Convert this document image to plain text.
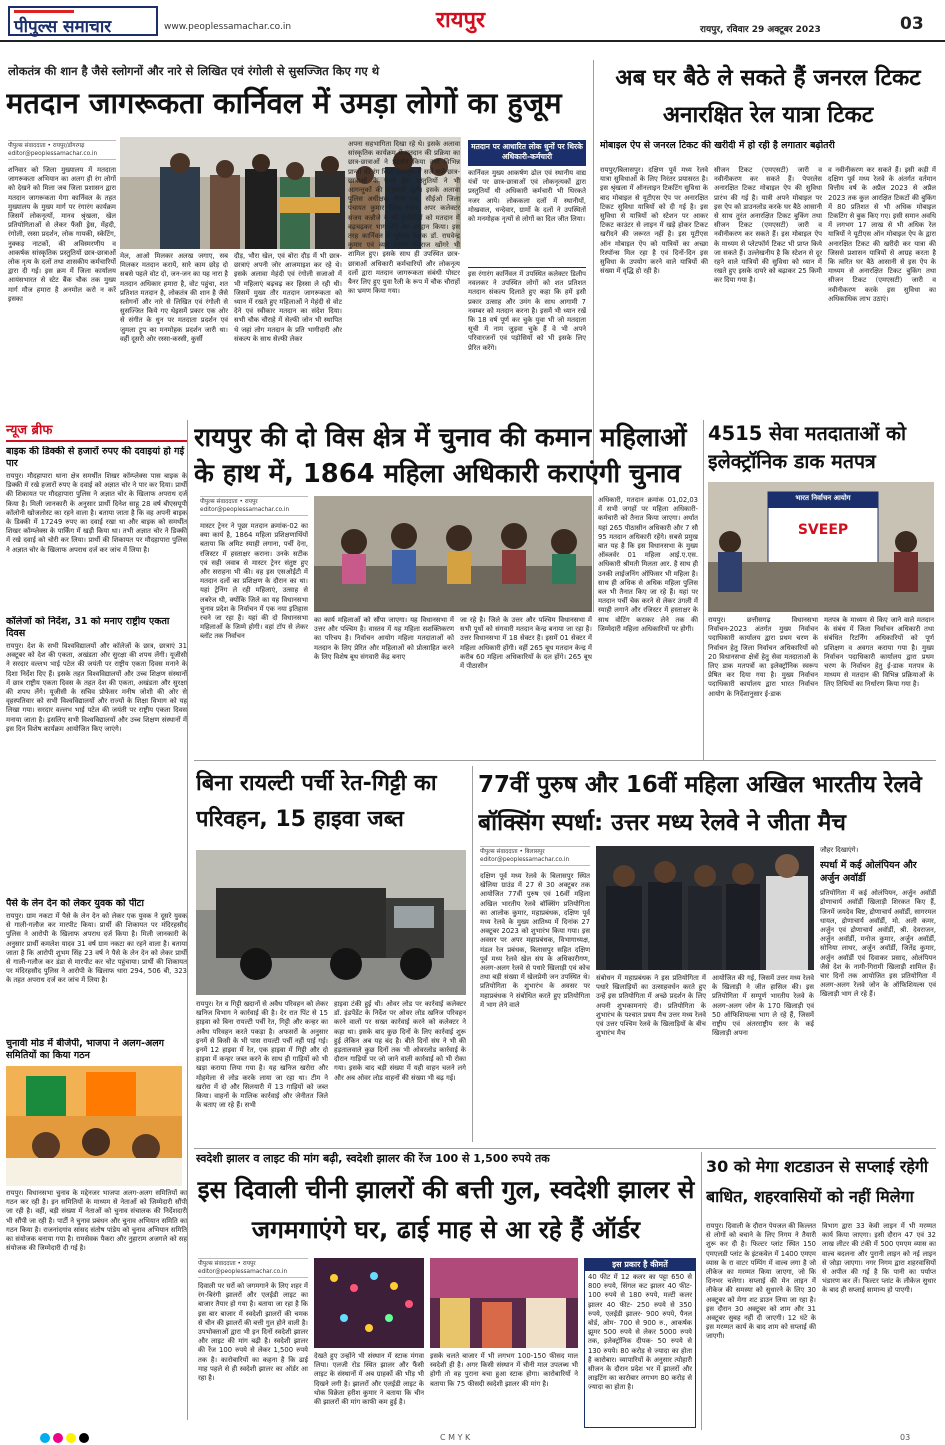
पीपुल्स समाचार	www.peoplessamachar.co.in	रायपुर	रायपुर, रविवार 29 अक्टूबर 2023	03
लोकतंत्र की शान है जैसे स्लोगनों और नारे से लिखित एवं रंगोली से सुसज्जित किए गए थे
मतदान जागरूकता कार्निवल में उमड़ा लोगों का हुजूम
पीपुल्स संवाददाता • रायपुर/डोंगरगढ़
editor@peoplessamachar.co.in
शनिवार को जिला मुख्यालय में मतदाता जागरूकता अभियान का अलग ही रंग लोगों को देखने को मिला जब जिला प्रशासन द्वारा मतदान जागरूकता मेगा कार्निवल के तहत मुख्यालय के मुख्य मार्ग पर रंगारंग कार्यक्रम जिसमें लोकनृत्यों, मानव श्रृंखला, खेल प्रतियोगिताओं से लेकर फैंसी ड्रेस, मेंहदी, रंगोली, रस्सा प्रदर्शन, लोक गायकी, स्केटिंग, नुक्कड़ नाटकों, की अविस्मरणीय व आकर्षक सांस्कृतिक प्रस्तुतियों छात्र-छात्राओं लोक नृत्य के दलों तथा शासकीय कर्मचारियों द्वारा दी गई। इस क्रम में जिला कार्यालय आयंसभारत से स्टेट बैंक चौक तक मुख्य मार्ग मौज हमारा है अनमोल करो न करें इसका
मेल, आओ मिलकर अलख जगाए, सब मिलकर मतदान करायें, सारे काम छोड़ दो सबसे पहले वोट दो, जन-जन का यह नारा है मतदान अधिकार हमारा है, वोट पहुंचा, शत प्रतिशत मतदान है, लोकतंत्र की शान है जैसे स्लोगनों और नारे से लिखित एवं रंगोली से सुसज्जित किये गए थेइसमें प्रकार एक ओर से संगीत के धुन पर मतदाता प्रदर्शन एवं जुमला ट्रूप का मनमोहक प्रदर्शन जारी था। वहीं दूसरी ओर रस्सा-कस्सी, कुर्सी
दौड़, भौरा खेल, एवं बोरा दौड़ में भी छात्र-छात्राएं अपनी जोर आजमाइश कर रहे थे। इसके अलावा मेहंदी एवं रंगोली सजाओ में भी महिलाएं बढ़चढ़ कर हिस्सा ले रही थी। जिसमें मुख्य तौर मतदान जागरूकता को ध्यान में रखते हुए महिलाओं ने मेहंदी से वोट देने एवं स्वीकार मतदान का संदेश दिया। सभी चौक चौराहे में सेल्फी जोन भी स्थापित थे जहां लोग मतदान के प्रति भागीदारी और संकल्प के साथ सेल्फी लेकर
अपना सहभागिता दिखा रहे थे। इसके अलावा सांस्कृतिक कार्यक्रम में मतदान की प्रक्रिया का छात्र-छात्राओं ने प्रदर्शन किया तथा विभिन्न प्रान्तों की रंग बिरंगे वेशभूषा में सजे धजे छात्र-छात्राओं के फैंसी ड्रेस प्रस्तुतियों ने भी आगन्तुकों की वाहवाही लूटी। इसके अलावा पुलिस अधीक्षक गौरव राय, सीईओ जिला पंचायत कुमार विश्व रंजन, अपर कलेक्टर संजय कन्नौजे ने भी उपस्थितों को मतदान में बढ़चढ़कर भाग लेने का आह्वान किया। इस तरह कार्निवल में पुलिस प्रेक्षक डॉ. राघवेन्द्र कुमार एवं व्यय प्रेक्षक रविराज खोंगरे भी शामिल हुए। इसके साथ ही उपस्थित छात्र-छात्राओं अधिकारी कर्मचारियों और लोकनृत्य दलों द्वारा मतदान जागरूकता संबंधी पोस्टर बैनर लिए हुए युवा रैली के रूप में चौक चौराहों का भ्रमण किया गया।
मतदान पर आधारित लोक धुनों पर थिरके अधिकारी-कर्मचारी
कार्निवल मुख्य आकर्षण ढोल एवं स्थानीय वाद्य यंत्रों पर छात्र-छात्राओं एवं लोकनृत्यकों द्वारा प्रस्तुतियाँ थी अधिकारी कर्मचारी भी थिरकते नजर आये। लोककला दलों में स्थानीयों, मोखवाल, धन्देवार, ग्रामों के दलों ने उपस्थितों को मनमोहक नृत्यों से लोगों का दिल जीत लिया।
इस रंगारंग कार्निवल में उपस्थित कलेक्टर डिलीप नवलकर ने उपस्थित लोगों को शत प्रतिशत मतदान संकल्प दिलाते हुए कहा कि हमें इसी प्रकार उत्साह और उमंग के साथ आगामी 7 नवम्बर को मतदान करना है। इसमें भी ध्यान रखें कि 18 वर्ष पूर्ण कर चुके युवा भी जो मतदाता सूची में नाम जुड़वा चुके हैं वे भी अपने परिवारजनों एवं पड़ोसियों को भी इसके लिए प्रेरित करेंगे।
अब घर बैठे ले सकते हैं जनरल टिकट अनारक्षित रेल यात्रा टिकट
मोबाइल ऐप से जनरल टिकट की खरीदी में हो रही है लगातार बढ़ोतरी
रायपुर/बिलासपुर। दक्षिण पूर्व मध्य रेलवे यात्रा सुविधाओं के लिए निरंतर प्रयासरत है। इस श्रृंखला में ऑनलाइन टिकटिंग सुविधा के बाद मोबाइल से यूटीएस ऐप पर अनारक्षित टिकट सुविधा यात्रियों को दी गई है। इस सुविधा से यात्रियों को स्टेशन पर आकर टिकट काउंटर से लाइन में खड़े होकर टिकट खरीदने की जरूरत नहीं है। इस यूटीएस ऑन मोबाइल ऐप को यात्रियों का अच्छा रिस्पॉन्स मिल रहा है एवं दिनों-दिन इस सुविधा के उपयोग करने वाले यात्रियों की संख्या में वृद्धि हो रही है।
सीजन टिकट (एमएसटी) जारी व नवीनीकरण कर सकते हैं। पेपरलेस अनारक्षित टिकट मोबाइल ऐप की सुविधा प्रारंभ की गई है। यात्री अपने मोबाइल पर इस ऐप को डाउनलोड करके घर बैठे आसानी से साथ तुरंत अनारक्षित टिकट बुकिंग तथा सीजन टिकट (एमएसटी) जारी व नवीनीकरण कर सकते हैं। इस मोबाइल ऐप के माध्यम से प्लेटफॉर्म टिकट भी प्राप्त किये जा सकते हैं। उल्लेखनीय है कि स्टेशन से दूर रहने वाले यात्रियों की सुविधा को ध्यान में रखते हुए इसके दायरे को बढ़ाकर 25 किमी कर दिया गया है।
व नवीनीकरण कर सकते हैं। इसी कड़ी में दक्षिण पूर्व मध्य रेलवे के अंतर्गत वर्तमान वित्तीय वर्ष के अप्रैल 2023 से अप्रैल 2023 तक कुल आरक्षित टिकटों की बुकिंग में 80 प्रतिशत से भी अधिक मोबाइल टिकटिंग से बुक किए गए। इसी समान अवधि में लगभग 17 लाख से भी अधिक रेल यात्रियों ने यूटीएस ऑन मोबाइल ऐप के द्वारा अनारक्षित टिकट की खरीदी कर यात्रा की जिससे प्रशासन यात्रियों से आग्रह करता है कि त्वरित घर बैठे आसानी से इस ऐप के माध्यम से अनारक्षित टिकट बुकिंग तथा सीजन टिकट (एमएसटी) जारी व नवीनीकरण करके इस सुविधा का अधिकाधिक लाभ उठाएं।
न्यूज ब्रीफ
बाइक की डिक्की से हजारों रुपए की दवाइयां हो गई पार
रायपुर। मौदहापारा थाना क्षेत्र समर्थीत शिखर कॉम्प्लेक्स पास बाइक के डिक्की में रखे हजारों रुपए के दवाई को अज्ञात चोर ने पार कर दिया। प्रार्थी की शिकायत पर मौदहापारा पुलिस ने अज्ञात चोर के खिलाफ अपराध दर्ज किया है। मिली जानकारी के अनुसार प्रार्थी दिनेश साहू 28 वर्ष बीएसयूपी कॉलोनी खोजलोस्ट का रहने वाला है। बताया जाता है कि वह अपनी बाइक के डिक्की में 17249 रुपए का दवाई रखा था और बाइक को समर्थीत शिखर कॉम्प्लेक्स के पार्किंग में खड़ी किया था। तभी अज्ञात चोर ने डिक्की में रखे दवाई को चोरी कर लिया। प्रार्थी की शिकायत पर मौदहापारा पुलिस ने अज्ञात चोर के खिलाफ अपराध दर्ज कर जांच में लिया है।
कॉलेजों को निर्देश, 31 को मनाए राष्ट्रीय एकता दिवस
रायपुर। देश के सभी विश्वविद्यालयों और कॉलेजों के छात्र, छात्राएं 31 अक्टूबर को देश की एकता, अखंडता और सुरक्षा की शपथ लेंगी। यूजीसी ने सरदार वल्लभ भाई पटेल की जयंती पर राष्ट्रीय एकता दिवस मनाने के दिशा निर्देश दिए हैं। इसके तहत विश्वविद्यालयों और उच्च शिक्षण संस्थानों में छात्र राष्ट्रीय एकता दिवस के तहत देश की एकता, अखंडता और सुरक्षा की शपथ लेंगे। यूजीसी के सचिव प्रोफेसर मनीष जोशी की ओर से वृहस्पतिवार को सभी विश्वविद्यालयों और राज्यों के शिक्षा विभाग को यह लिखा गया। सरदार वल्लभ भाई पटेल की जयंती पर राष्ट्रीय एकता दिवस मनाया जाता है। इसलिए सभी विश्वविद्यालयों और उच्च शिक्षण संस्थानों में इस दिन विशेष कार्यक्रम आयोजित किए जाएंगे।
पैसे के लेन देन को लेकर युवक को पीटा
रायपुर। ग्राम नकटा में पैसे के लेन देन को लेकर एक युवक ने दूसरे युवक से गाली-गलौज कर मारपीट किया। प्रार्थी की शिकायत पर मंदिरहसौद पुलिस ने आरोपी के खिलाफ अपराध दर्ज किया है। मिली जानकारी के अनुसार प्रार्थी कमलेश यादव 31 वर्ष ग्राम नकटा का रहने वाला है। बताया जाता है कि आरोपी शुभम सिंह 23 वर्ष ने पैसे के लेन देन को लेकर प्रार्थी से गाली-गलौज कर डंडा से मारपीट कर चोट पहुंचाया। प्रार्थी की शिकायत पर मंदिरहसौद पुलिस ने आरोपी के खिलाफ धारा 294, 506 बी, 323 के तहत अपराध दर्ज कर जांच में लिया है।
चुनावी मोड में बीजेपी, भाजपा ने अलग-अलग समितियों का किया गठन
रायपुर। विधानसभा चुनाव के मद्देनजर भाजपा अलग-अलग समितियों का गठन कर रही है। इन समितियों के माध्यम से नेताओं को जिम्मेदारी सौंपी जा रही है। वहीं, बड़ी संख्या में नेताओं को चुनाव संचालक की निर्देशदारी भी सौंपी जा रही है। पार्टी ने चुनाव प्रबंधन और चुनाव अभियान समिति का गठन किया है। राजनांदगांव सांसद संतोष पांडेय को चुनाव अभियान समिति का संयोजक बनाया गया है। रामसेवक पैकरा और नुहाराम अजगले को सह संयोजक की जिम्मेदारी दी गई है।
रायपुर की दो विस क्षेत्र में चुनाव की कमान महिलाओं के हाथ में, 1864 महिला अधिकारी कराएंगी चुनाव
पीपुल्स संवाददाता • रायपुर
editor@peoplessamachar.co.in
मास्टर ट्रेनर ने पूछा मतदान क्रमांक-02 का क्या कार्य है, 1864 महिला प्रशिक्षणार्थियों बताया कि अमिट स्याही लगाना, पर्ची देना, रजिस्टर में हस्ताक्षर कराना। उनके सटीक एवं सही जवाब से मास्टर ट्रेनर संतुष्ट हुए और सराहना भी की। वह इस एसओईटी में मतदान दलों का प्रशिक्षण के दौरान का था। यहां ट्रेनिंग ले रही महिलाएं, उत्साह से लबरेज थी, क्योंकि जिले का यह विधानसभा चुनाव प्रदेश के निर्वाचन में एक नया इतिहास रचने जा रहा है। यहां की दो विधानसभा महिलाओं के जिम्मे होगी। वहां टॉप से लेकर ब्लॉट तक निर्वाचन
का कार्य महिलाओं को सौंपा जाएगा। यह विधानसभा में उत्तर और पश्चिम है। वास्तव में यह महिला सशक्तिकरण का परिचय है। निर्वाचन आयोग महिला मतदाताओं को मतदान के लिए प्रेरित और महिलाओं को प्रोत्साहित करने के लिए विशेष बूथ संगवारी केंद्र बनाए
जा रहे है। जिले के उत्तर और पश्चिम विधानसभा में सभी पूथों को संगवारी मतदान केन्द्र बनाया जा रहा है। उत्तर विधानसभा में 18 सेक्टर है। इसमें 01 सेक्टर में महिला अधिकारी होंगी। वहीं 265 बूथ मतदान केन्द्र में करीब 60 महिला अधिकारियों के दल होंगे। 265 बूथ में पीठासीन
अधिकारी, मतदान क्रमांक 01,02,03 में सभी जगहों पर महिला अधिकारी-कर्मचारी को तैनात किया जाएगा। अर्थात यहां 265 पीठासीन अधिकारी और 7 सौ 95 मतदान अधिकारी रहेंगे। सबसे प्रमुख बात यह है कि इस विधानसभा के मुख्य ऑब्जर्वर 01 महिला आई.ए.एस. अधिकारी श्रीमती मिलता आर. है साथ ही उनकी लाईजनिंग ऑफिसर भी महिला है। साथ ही अधिक से अधिक महिला पुलिस बल भी तैनात किए जा रहे हैं। यहां पर मतदान पर्ची चेक करने से लेकर उंगली में स्याही लगाने और रजिस्टर में हस्ताक्षर के साथ वोटिंग कराकर लेने तक की जिम्मेदारी महिला अधिकारियों पर होगी।
4515 सेवा मतदाताओं को इलेक्ट्रॉनिक डाक मतपत्र
भारत निर्वाचन आयोग
SVEEP
रायपुर। छत्तीसगढ़ विधानसभा निर्वाचन-2023 अंतर्गत मुख्य निर्वाचन पदाधिकारी कार्यालय द्वारा प्रथम चरण के निर्वाचन हेतु जिला निर्वाचन अधिकारियों को 20 विधानसभा क्षेत्रों हेतु सेवा मतदाताओं के लिए डाक मतपत्रों का इलेक्ट्रॉनिक स्वरूप प्रेषित कर दिया गया है। मुख्य निर्वाचन पदाधिकारी कार्यालय द्वारा भारत निर्वाचन आयोग के निर्देशानुसार ई-डाक
मतपत्र के माध्यम से किए जाने वाले मतदान के संबंध में जिला निर्वाचन अधिकारी तथा संबंधित रिटर्निंग अधिकारियों को पूर्ण प्रशिक्षण व अवगत कराया गया है। मुख्य निर्वाचन पदाधिकारी कार्यालय द्वारा प्रथम चरण के निर्वाचन हेतु ई-डाक मतपत्र के माध्यम से मतदान की विभिन्न प्रक्रियाओं के लिए तिथियों का निर्धारण किया गया है।
बिना रायल्टी पर्ची रेत-गिट्टी का परिवहन, 15 हाइवा जब्त
रायपुर। रेत व गिट्टी खदानों से अवैध परिवहन को लेकर खनिज विभाग ने कार्रवाई की है। देर रात पिंट से 15 हाइवा को बिना रायल्टी पर्ची रेत, गिट्टी और कन्हर का अवैध परिवहन करते पकड़ा है। अफसरों के अनुसार इनमें से किसी के भी पास रायल्टी पर्ची नहीं पाई गई। इनमें 12 हाइवा में रेत, एक हाइवा में गिट्टी और दो हाइवा में कन्हर जब्त करने के साथ ही गाड़ियों को भी खड़ा कराया लिया गया है। यह खनिज खरोरा और मोहमेला से लोड करके लाया जा रहा था। टीम ने खरोरा में दो और सिलयारी में 13 गाड़ियों को जब्त किया। वाहनों के मालिक कार्रवाई और जेनीतत जिले के बताए जा रहे हैं। सभी
हाइवा टंकी हुई थी। ओवर लोड पर कार्रवाई कलेक्टर डॉ. इंडपेंडेंट के निर्देश पर ओवर लोड खनिज परिवहन करने वालों पर सख्त कार्रवाई करने को कलेक्टर ने कहा था। इसके बाद कुछ दिनों के लिए कार्रवाई शुरू हुई लेकिन अब यह बंद है। बीते दिनों संघ ने भी की हड़तालवाले कुछ दिनों तक भी ओवरलोड कार्रवाई के दौरान गाड़ियों पर जो जाने वाली कार्रवाई को भी रोका गया। इसके बाद बड़ी संख्या में यही वाहन चलने लगे और अब ओवर लोड वाहनों की संख्या भी बढ़ गई।
77वीं पुरुष और 16वीं महिला अखिल भारतीय रेलवे बॉक्सिंग स्पर्धा: उत्तर मध्य रेलवे ने जीता मैच
पीपुल्स संवाददाता • बिलासपुर
editor@peoplessamachar.co.in
दक्षिण पूर्व मध्य रेलवे के बिलासपुर स्थित खेलिया ग्राउंड में 27 से 30 अक्टूबर तक आयोजित 77वीं पुरुष एवं 16वीं महिला अखिल भारतीय रेलवे बॉक्सिंग प्रतियोगिता का आलोक कुमार, महाप्रबंधक, दक्षिण पूर्व मध्य रेलवे के मुख्य आतिथ्य में दिनांक 27 अक्टूबर 2023 को शुभारंभ किया गया। इस अवसर पर अपर महाप्रबंधक, विभागाध्यक्ष, मंडल रेल प्रबंधक, बिलासपुर सहित दक्षिण पूर्व मध्य रेलवे खेल संघ के अधिकारीगण, अलग-अलग रेलवे से पधारे खिलाड़ी एवं कोच तथा बड़ी संख्या में खेलप्रेमी जन उपस्थित थे। प्रतियोगिता के शुभारंभ के अवसर पर महाप्रबंधक ने संबोधित करते हुए प्रतियोगिता में भाग लेने वाले
संबोधन में महाप्रबंधक ने इस प्रतियोगिता में पधारे खिलाड़ियों का उत्साहवर्धन करते हुए उन्हें इस प्रतियोगिता में अच्छे प्रदर्शन के लिए अपनी शुभकामनाएं दी। प्रतियोगिता के शुभारंभ के पश्चात प्रथम मैच उत्तर मध्य रेलवे एवं उत्तर पश्चिम रेलवे के खिलाड़ियों के बीच शुभारंभ मैच
आयोजित की गई, जिसमें उत्तर मध्य रेलवे के खिलाड़ी ने जीत हासिल की। इस प्रतियोगिता में सम्पूर्ण भारतीय रेलवे के अलग-अलग जोन के 170 खिलाड़ी एवं 50 ऑफिशियल्स भाग ले रहे हैं, जिसमें राष्ट्रीय एवं अंतरराष्ट्रीय स्तर के कई खिलाड़ी अपना
जौहर दिखाएंगे।
स्पर्धा में कई ओलंपियन और अर्जुन अवॉर्डी
प्रतियोगिता में कई ओलंपियन, अर्जुन अवॉर्डी द्रोणाचार्य अवॉर्डी खिलाड़ी शिरकत किए हैं, जिनमें जयदेव बिष्ट, द्रोणाचार्य अवॉर्डी, सागरमल धायल, द्रोणाचार्य अवॉर्डी, मो. अली कमर, अर्जुन एवं द्रोणाचार्य अवॉर्डी, श्री. देवराजन, अर्जुन अवॉर्डी, मनोज कुमार, अर्जुन अवॉर्डी, सोनिया लाथर, अर्जुन अवॉर्डी, जितेंद्र कुमार, अर्जुन अवॉर्डी एवं दिवाकर प्रसाद, ओलंपियन जैसे देश के नामी-गिरामी खिलाड़ी शामिल हैं। चार दिनों तक आयोजित इस प्रतियोगिता में अलग-अलग रेलवे जोन के ऑफिशियल्स एवं खिलाड़ी भाग ले रहे हैं।
स्वदेशी झालर व लाइट की मांग बढ़ी, स्वदेशी झालर की रेंज 100 से 1,500 रुपये तक
इस दिवाली चीनी झालरों की बत्ती गुल, स्वदेशी झालर से जगमगाएंगे घर, ढाई माह से आ रहे हैं ऑर्डर
पीपुल्स संवाददाता • रायपुर
editor@peoplessamachar.co.in
दिवाली पर घरों को जगमगाने के लिए शहर में रंग-बिरंगी झालरों और एलईडी लाइट का बाजार तैयार हो गया है। बताया जा रहा है कि इस बार बाजार में स्वदेशी झालरों की चमक से चीन की झालरों की बत्ती गुल होने वाली है। उपभोक्ताओं द्वारा भी इन दिनों स्वदेशी झालर और लाइट की मांग बढ़ी है। स्वदेशी झालर की रेंज 100 रुपये से लेकर 1,500 रुपये तक है। कारोबारियों का कहना है कि ढाई माह पहले से ही स्वदेशी झालर का ऑर्डर आ रहा है।
देखते हुए उन्होंने भी संस्थान में स्टाक मंगवा लिया। एलजी रोड स्थित झालर और फैंसी लाइट के संस्थानों में अब ग्राहकों की भीड़ भी दिखने लगी है। झालरों और एलईडी लाइट के थोक विक्रेता हरीश कुमार ने बताया कि चीन की झालरों की मांग काफी कम हुई है।
इसके चलते बाजार में भी लगभग 100-150 फीसद माल स्वदेशी ही है। अगर किसी संस्थान में चीनी माल उपलब्ध भी होगी तो वह पुराना बचा हुआ स्टाक होगा। कारोबारियों ने बताया कि 75 फीसदी स्वदेशी झालर की मांग है।
इस प्रकार है कीमतें
40 फीट में 12 कलर का पट्टा 650 से 800 रुपये, सिंगल कट झालर 40 फीट- 100 रुपये से 180 रुपये, मल्टी कलर झालर 40 फीट- 250 रुपये से 350 रुपये, एलईडी झालर- 900 रुपये, पैनल बोर्ड, ओम- 700 से 900 रु., आकर्षक झूमर 500 रुपये से लेकर 5000 रुपये तक, इलेक्ट्रॉनिक दीपक- 50 रुपये से 130 रुपये। 80 करोड़ से ज्यादा का होता है कारोबार। व्यापारियों के अनुसार त्योहारी सीजन के दौरान प्रदेश भर में झालरों और लाइटिंग का कारोबार लगभग 80 करोड़ से ज्यादा का होता है।
30 को मेगा शटडाउन से सप्लाई रहेगी बाधित, शहरवासियों को नहीं मिलेगा
रायपुर। दिवाली के दौरान पेयजल की किल्लत से लोगों को बचाने के लिए निगम ने तैयारी शुरू कर दी है। फिल्टर प्लांट स्थित 150 एमएलडी प्लांट के इंटकवेल में 1400 एमएम व्यास के रा वाटर पम्पिंग में वाल्व लगा है जो लीकेज का मरम्मत किया जाएगा, जो कि दिनभर चलेगा। सप्लाई की मेन लाइन में लीकेज की समस्या को सुधारने के लिए 30 अक्टूबर को मेगा शट डाउन लिया जा रहा है। इस दौरान 30 अक्टूबर को शाम और 31 अक्टूबर सुबह नहीं दी जाएगी। 12 घंटे के इस मरम्मत कार्य के बाद शाम को सप्लाई की जाएगी।
विभाग द्वारा 33 केवी लाइन में भी मरम्मत कार्य किया जाएगा। इसी दौरान 47 एवं 32 लाख लीटर की टंकी में 500 एमएम व्यास का वाल्व बदलना और पुरानी लाइन को नई लाइन से जोड़ा जाएगा। नगर निगम द्वारा शहरवासियों से अपील की गई है कि पानी का पर्याप्त भंडारण कर लें। फिल्टर प्लांट के लीकेज सुधार के बाद ही सप्लाई सामान्य हो पाएगी।
C M Y K	03
